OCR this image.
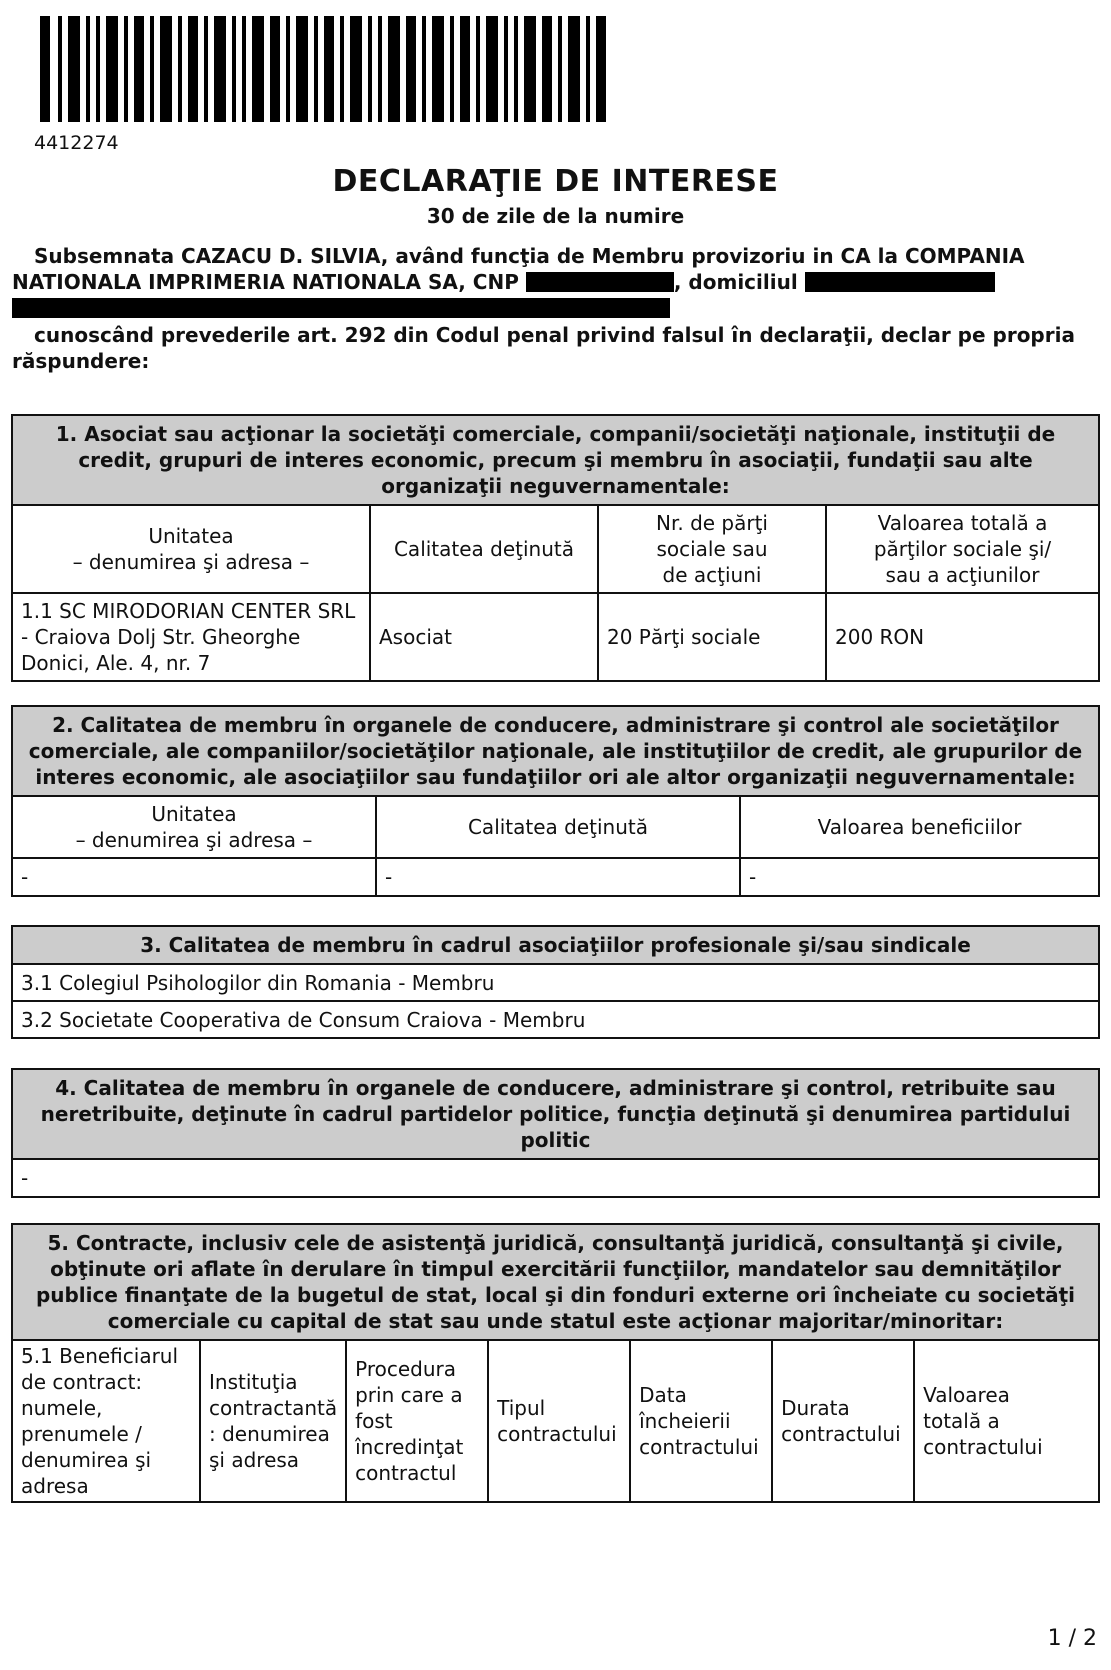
4412274
DECLARAŢIE DE INTERESE
30 de zile de la numire
Subsemnata CAZACU D. SILVIA, având funcţia de Membru provizoriu in CA la COMPANIA
NATIONALA IMPRIMERIA NATIONALA SA, CNP	, domiciliul
cunoscând prevederile art. 292 din Codul penal privind falsul în declaraţii, declar pe propria
răspundere:
1. Asociat sau acţionar la societăţi comerciale, companii/societăţi naţionale, instituţii de credit, grupuri de interes economic, precum şi membru în asociaţii, fundaţii sau alte organizaţii neguvernamentale:			
Unitatea
– denumirea şi adresa –	Calitatea deţinută	Nr. de părţi
sociale sau
de acţiuni	Valoarea totală a
părţilor sociale şi/
sau a acţiunilor
1.1 SC MIRODORIAN CENTER SRL
- Craiova Dolj Str. Gheorghe
Donici, Ale. 4, nr. 7	Asociat	20 Părţi sociale	200 RON
2. Calitatea de membru în organele de conducere, administrare şi control ale societăţilor comerciale, ale companiilor/societăţilor naţionale, ale instituţiilor de credit, ale grupurilor de interes economic, ale asociaţiilor sau fundaţiilor ori ale altor organizaţii neguvernamentale:		
Unitatea
– denumirea şi adresa –	Calitatea deţinută	Valoarea beneficiilor
-	-	-
3. Calitatea de membru în cadrul asociaţiilor profesionale şi/sau sindicale
3.1 Colegiul Psihologilor din Romania - Membru
3.2 Societate Cooperativa de Consum Craiova - Membru
4. Calitatea de membru în organele de conducere, administrare şi control, retribuite sau neretribuite, deţinute în cadrul partidelor politice, funcţia deţinută şi denumirea partidului politic
-
5. Contracte, inclusiv cele de asistenţă juridică, consultanţă juridică, consultanţă şi civile, obţinute ori aflate în derulare în timpul exercitării funcţiilor, mandatelor sau demnităţilor publice finanţate de la bugetul de stat, local şi din fonduri externe ori încheiate cu societăţi comerciale cu capital de stat sau unde statul este acţionar majoritar/minoritar:
5.1 Beneficiarul
de contract:
numele,
prenumele /
denumirea şi
adresa	Instituţia
contractantă
: denumirea
şi adresa	Procedura
prin care a
fost
încredinţat
contractul	Tipul
contractului	Data
încheierii
contractului	Durata
contractului	Valoarea
totală a
contractului
1 / 2
